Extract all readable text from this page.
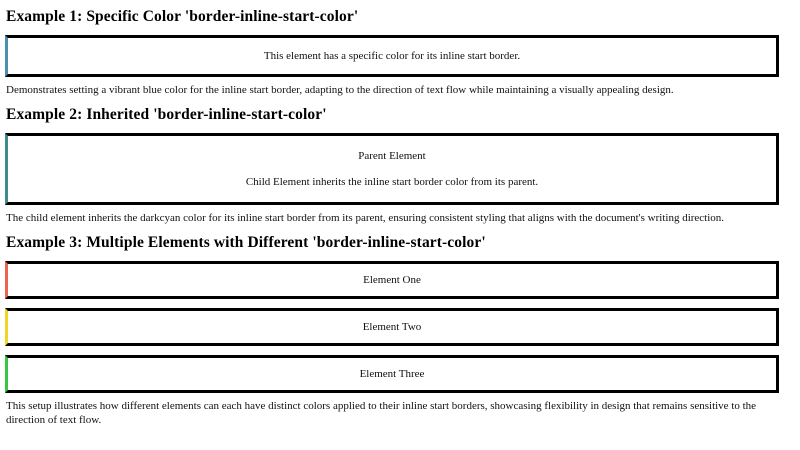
Example 1: Specific Color 'border-inline-start-color'
This element has a specific color for its inline start border.

Demonstrates setting a vibrant blue color for the inline start border, adapting to the direction of text flow while maintaining a visually appealing design.

Example 2: Inherited 'border-inline-start-color'
Parent Element
Child Element inherits the inline start border color from its parent.

The child element inherits the darkcyan color for its inline start border from its parent, ensuring consistent styling that aligns with the document's writing direction.

Example 3: Multiple Elements with Different 'border-inline-start-color'
Element One
Element Two
Element Three

This setup illustrates how different elements can each have distinct colors applied to their inline start borders, showcasing flexibility in design that remains sensitive to the direction of text flow.
